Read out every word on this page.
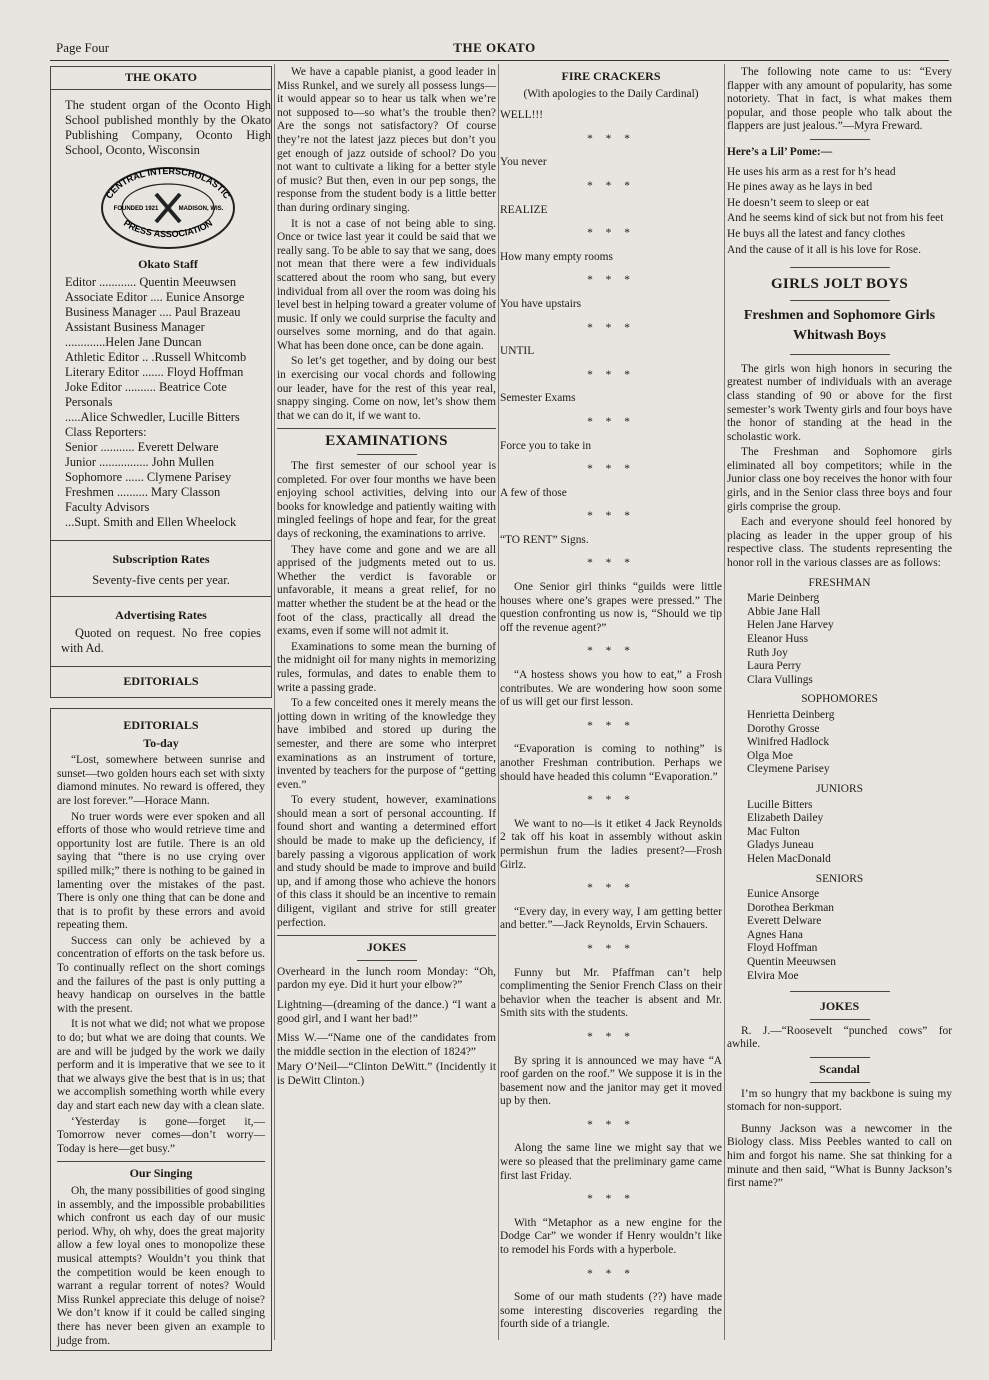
Page Four	THE OKATO
THE OKATO
The student organ of the Oconto High School published monthly by the Okato Publishing Company, Oconto High School, Oconto, Wisconsin
CENTRAL INTERSCHOLASTIC
PRESS ASSOCIATION
FOUNDED 1921	MADISON, WIS.
Okato Staff
Editor ............ Quentin Meeuwsen
Associate Editor .... Eunice Ansorge
Business Manager .... Paul Brazeau
Assistant Business Manager
.............Helen Jane Duncan
Athletic Editor .. .Russell Whitcomb
Literary Editor ....... Floyd Hoffman
Joke Editor .......... Beatrice Cote
Personals
.....Alice Schwedler, Lucille Bitters
Class Reporters:
Senior ........... Everett Delware
Junior ................ John Mullen
Sophomore ...... Clymene Parisey
Freshmen .......... Mary Classon
Faculty Advisors
...Supt. Smith and Ellen Wheelock
Subscription Rates
Seventy-five cents per year.
Advertising Rates
Quoted on request. No free copies with Ad.
EDITORIALS
EDITORIALS
To-day
“Lost, somewhere between sunrise and sunset—two golden hours each set with sixty diamond minutes. No reward is offered, they are lost forever.”—Horace Mann.
No truer words were ever spoken and all efforts of those who would retrieve time and opportunity lost are futile. There is an old saying that “there is no use crying over spilled milk;” there is nothing to be gained in lamenting over the mistakes of the past. There is only one thing that can be done and that is to profit by these errors and avoid repeating them.
Success can only be achieved by a concentration of efforts on the task before us. To continually reflect on the short comings and the failures of the past is only putting a heavy handicap on ourselves in the battle with the present.
It is not what we did; not what we propose to do; but what we are doing that counts. We are and will be judged by the work we daily perform and it is imperative that we see to it that we always give the best that is in us; that we accomplish something worth while every day and start each new day with a clean slate.
‘Yesterday is gone—forget it,— Tomorrow never comes—don’t worry— Today is here—get busy.”
Our Singing
Oh, the many possibilities of good singing in assembly, and the impossible probabilities which confront us each day of our music period. Why, oh why, does the great majority allow a few loyal ones to monopolize these musical attempts? Wouldn’t you think that the competition would be keen enough to warrant a regular torrent of notes? Would Miss Runkel appreciate this deluge of noise? We don’t know if it could be called singing there has never been given an example to judge from.
We have a capable pianist, a good leader in Miss Runkel, and we surely all possess lungs—it would appear so to hear us talk when we’re not supposed to—so what’s the trouble then? Are the songs not satisfactory? Of course they’re not the latest jazz pieces but don’t you get enough of jazz outside of school? Do you not want to cultivate a liking for a better style of music? But then, even in our pep songs, the response from the student body is a little better than during ordinary singing.
It is not a case of not being able to sing. Once or twice last year it could be said that we really sang. To be able to say that we sang, does not mean that there were a few individuals scattered about the room who sang, but every individual from all over the room was doing his level best in helping toward a greater volume of music. If only we could surprise the faculty and ourselves some morning, and do that again. What has been done once, can be done again.
So let’s get together, and by doing our best in exercising our vocal chords and following our leader, have for the rest of this year real, snappy singing. Come on now, let’s show them that we can do it, if we want to.
EXAMINATIONS
The first semester of our school year is completed. For over four months we have been enjoying school activities, delving into our books for knowledge and patiently waiting with mingled feelings of hope and fear, for the great days of reckoning, the examinations to arrive.
They have come and gone and we are all apprised of the judgments meted out to us. Whether the verdict is favorable or unfavorable, it means a great relief, for no matter whether the student be at the head or the foot of the class, practically all dread the exams, even if some will not admit it.
Examinations to some mean the burning of the midnight oil for many nights in memorizing rules, formulas, and dates to enable them to write a passing grade.
To a few conceited ones it merely means the jotting down in writing of the knowledge they have imbibed and stored up during the semester, and there are some who interpret examinations as an instrument of torture, invented by teachers for the purpose of “getting even.”
To every student, however, examinations should mean a sort of personal accounting. If found short and wanting a determined effort should be made to make up the deficiency, if barely passing a vigorous application of work and study should be made to improve and build up, and if among those who achieve the honors of this class it should be an incentive to remain diligent, vigilant and strive for still greater perfection.
JOKES
Overheard in the lunch room Monday: “Oh, pardon my eye. Did it hurt your elbow?”
Lightning—(dreaming of the dance.) “I want a good girl, and I want her bad!”
Miss W.—“Name one of the candidates from the middle section in the election of 1824?”
Mary O’Neil—“Clinton DeWitt.” (Incidently it is DeWitt Clinton.)
FIRE CRACKERS
(With apologies to the Daily Cardinal)
WELL!!!
* * *
You never
* * *
REALIZE
* * *
How many empty rooms
* * *
You have upstairs
* * *
UNTIL
* * *
Semester Exams
* * *
Force you to take in
* * *
A few of those
* * *
“TO RENT” Signs.
* * *
One Senior girl thinks “guilds were little houses where one’s grapes were pressed.” The question confronting us now is, “Should we tip off the revenue agent?”
* * *
“A hostess shows you how to eat,” a Frosh contributes. We are wondering how soon some of us will get our first lesson.
* * *
“Evaporation is coming to nothing” is another Freshman contribution. Perhaps we should have headed this column “Evaporation.”
* * *
We want to no—is it etiket 4 Jack Reynolds 2 tak off his koat in assembly without askin permishun frum the ladies present?—Frosh Girlz.
* * *
“Every day, in every way, I am getting better and better.”—Jack Reynolds, Ervin Schauers.
* * *
Funny but Mr. Pfaffman can’t help complimenting the Senior French Class on their behavior when the teacher is absent and Mr. Smith sits with the students.
* * *
By spring it is announced we may have “A roof garden on the roof.” We suppose it is in the basement now and the janitor may get it moved up by then.
* * *
Along the same line we might say that we were so pleased that the preliminary game came first last Friday.
* * *
With “Metaphor as a new engine for the Dodge Car” we wonder if Henry wouldn’t like to remodel his Fords with a hyperbole.
* * *
Some of our math students (??) have made some interesting discoveries regarding the fourth side of a triangle.
The following note came to us: “Every flapper with any amount of popularity, has some notoriety. That in fact, is what makes them popular, and those people who talk about the flappers are just jealous.”—Myra Freward.
Here’s a Lil’ Pome:—
He uses his arm as a rest for h’s head
He pines away as he lays in bed
He doesn’t seem to sleep or eat
And he seems kind of sick but not from his feet
He buys all the latest and fancy clothes
And the cause of it all is his love for Rose.
GIRLS JOLT BOYS
Freshmen and Sophomore Girls Whitwash Boys
The girls won high honors in securing the greatest number of individuals with an average class standing of 90 or above for the first semester’s work Twenty girls and four boys have the honor of standing at the head in the scholastic work.
The Freshman and Sophomore girls eliminated all boy competitors; while in the Junior class one boy receives the honor with four girls, and in the Senior class three boys and four girls comprise the group.
Each and everyone should feel honored by placing as leader in the upper group of his respective class. The students representing the honor roll in the various classes are as follows:
FRESHMAN
Marie Deinberg
Abbie Jane Hall
Helen Jane Harvey
Eleanor Huss
Ruth Joy
Laura Perry
Clara Vullings
SOPHOMORES
Henrietta Deinberg
Dorothy Grosse
Winifred Hadlock
Olga Moe
Cleymene Parisey
JUNIORS
Lucille Bitters
Elizabeth Dailey
Mac Fulton
Gladys Juneau
Helen MacDonald
SENIORS
Eunice Ansorge
Dorothea Berkman
Everett Delware
Agnes Hana
Floyd Hoffman
Quentin Meeuwsen
Elvira Moe
JOKES
R. J.—“Roosevelt “punched cows” for awhile.
Scandal
I’m so hungry that my backbone is suing my stomach for non-support.
Bunny Jackson was a newcomer in the Biology class. Miss Peebles wanted to call on him and forgot his name. She sat thinking for a minute and then said, “What is Bunny Jackson’s first name?”
